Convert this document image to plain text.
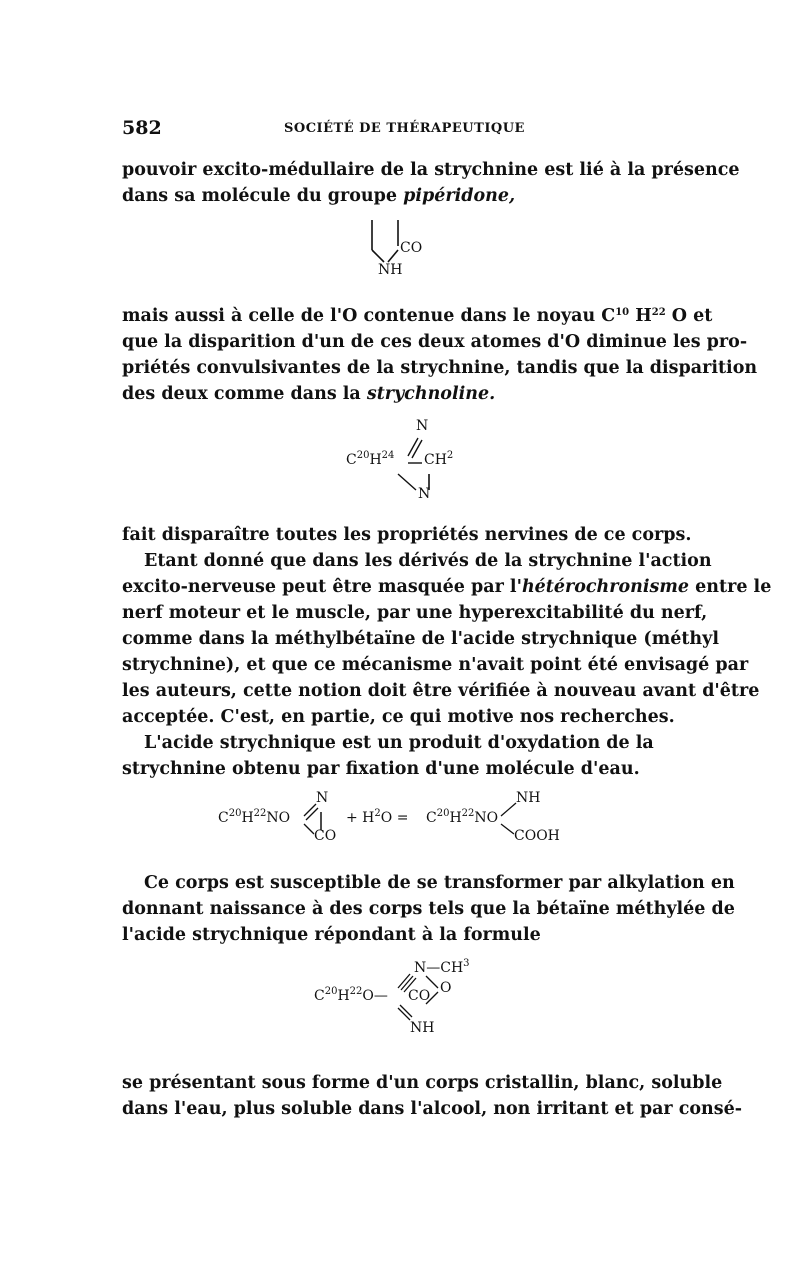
582	SOCIÉTÉ DE THÉRAPEUTIQUE
pouvoir excito-médullaire de la strychnine est lié à la présence
dans sa molécule du groupe pipéridone,
CO
NH
mais aussi à celle de l'O contenue dans le noyau $C^{10}$ $H^{22}$ O et
que la disparition d'un de ces deux atomes d'O diminue les pro-
priétés convulsivantes de la strychnine, tandis que la disparition
des deux comme dans la strychnoline.
N
$C^{20}H^{24}$ $CH^2$
N
fait disparaître toutes les propriétés nervines de ce corps.
Etant donné que dans les dérivés de la strychnine l'action
excito-nerveuse peut être masquée par l'hétérochronisme entre le
nerf moteur et le muscle, par une hyperexcitabilité du nerf,
comme dans la méthylbétaïne de l'acide strychnique (méthyl
strychnine), et que ce mécanisme n'avait point été envisagé par
les auteurs, cette notion doit être vérifiée à nouveau avant d'être
acceptée. C'est, en partie, ce qui motive nos recherches.
L'acide strychnique est un produit d'oxydation de la
strychnine obtenu par fixation d'une molécule d'eau.
$C^{20}H^{22}NO$
N
CO
+ $H^2O = C^{20}H^{22}NO$
NH
COOH
Ce corps est susceptible de se transformer par alkylation en
donnant naissance à des corps tels que la bétaïne méthylée de
l'acide strychnique répondant à la formule
$N—CH^3$
$C^{20}H^{22}O—$ CO O
NH
se présentant sous forme d'un corps cristallin, blanc, soluble
dans l'eau, plus soluble dans l'alcool, non irritant et par consé-
